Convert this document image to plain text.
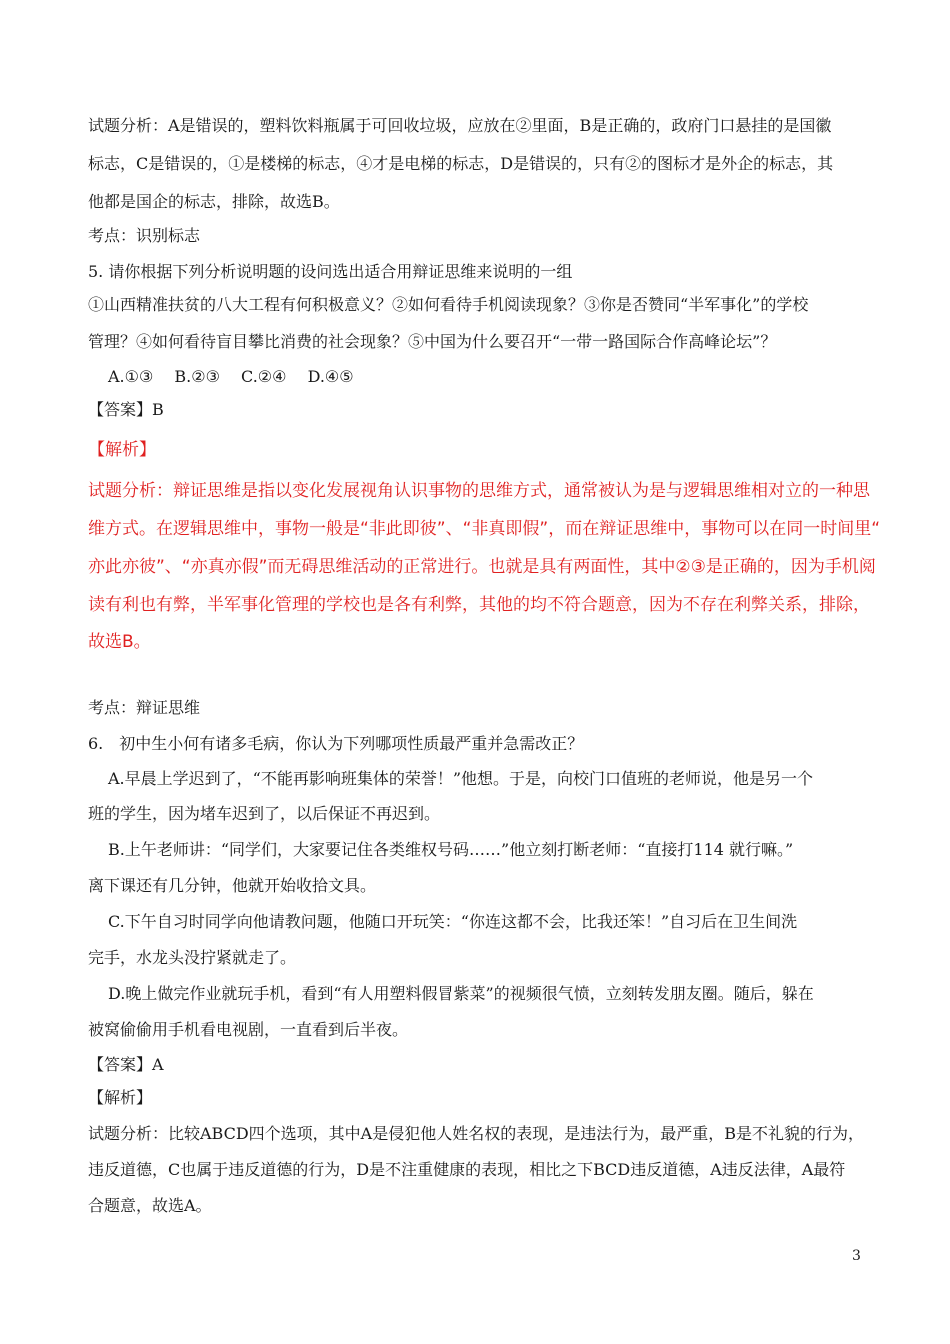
试题分析：A是错误的，塑料饮料瓶属于可回收垃圾，应放在②里面，B是正确的，政府门口悬挂的是国徽
标志，C是错误的，①是楼梯的标志，④才是电梯的标志，D是错误的，只有②的图标才是外企的标志，其
他都是国企的标志，排除，故选B。
考点：识别标志
5. 请你根据下列分析说明题的设问选出适合用辩证思维来说明的一组
①山西精准扶贫的八大工程有何积极意义？②如何看待手机阅读现象？③你是否赞同“半军事化”的学校
管理？④如何看待盲目攀比消费的社会现象？⑤中国为什么要召开“一带一路国际合作高峰论坛”？
A.①③　 B.②③　 C.②④　 D.④⑤
【答案】B
【解析】
试题分析：辩证思维是指以变化发展视角认识事物的思维方式，通常被认为是与逻辑思维相对立的一种思
维方式。在逻辑思维中，事物一般是“非此即彼”、“非真即假”，而在辩证思维中，事物可以在同一时间里“
亦此亦彼”、“亦真亦假”而无碍思维活动的正常进行。也就是具有两面性，其中②③是正确的，因为手机阅
读有利也有弊，半军事化管理的学校也是各有利弊，其他的均不符合题意，因为不存在利弊关系，排除，
故选B。
考点：辩证思维
6.　初中生小何有诸多毛病，你认为下列哪项性质最严重并急需改正？
A.早晨上学迟到了，“不能再影响班集体的荣誉！”他想。于是，向校门口值班的老师说，他是另一个
班的学生，因为堵车迟到了，以后保证不再迟到。
B.上午老师讲：“同学们，大家要记住各类维权号码……”他立刻打断老师：“直接打114 就行嘛。”
离下课还有几分钟，他就开始收拾文具。
C.下午自习时同学向他请教问题，他随口开玩笑：“你连这都不会，比我还笨！”自习后在卫生间洗
完手，水龙头没拧紧就走了。
D.晚上做完作业就玩手机，看到“有人用塑料假冒紫菜”的视频很气愤，立刻转发朋友圈。随后，躲在
被窝偷偷用手机看电视剧，一直看到后半夜。
【答案】A
【解析】
试题分析：比较ABCD四个选项，其中A是侵犯他人姓名权的表现，是违法行为，最严重，B是不礼貌的行为，
违反道德，C也属于违反道德的行为，D是不注重健康的表现，相比之下BCD违反道德，A违反法律，A最符
合题意，故选A。
3
